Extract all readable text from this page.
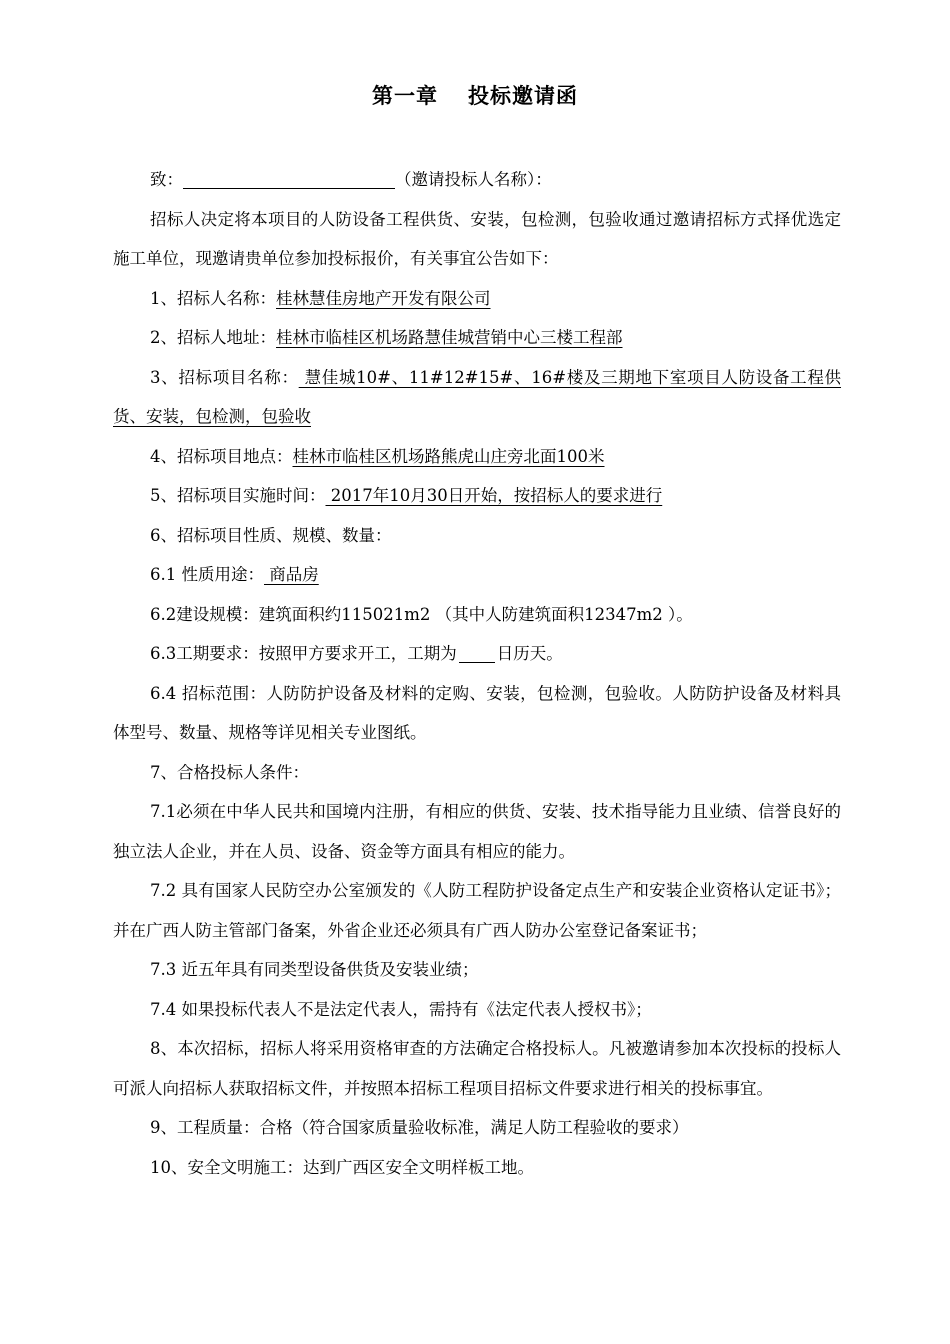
第一章 投标邀请函

致：	（邀请投标人名称）：

招标人决定将本项目的人防设备工程供货、安装，包检测，包验收通过邀请招标方式择优选定施工单位，现邀请贵单位参加投标报价，有关事宜公告如下：

1、招标人名称：桂林慧佳房地产开发有限公司

2、招标人地址：桂林市临桂区机场路慧佳城营销中心三楼工程部

3、招标项目名称： 慧佳城10#、11#12#15#、16#楼及三期地下室项目人防设备工程供货、安装，包检测，包验收

4、招标项目地点：桂林市临桂区机场路熊虎山庄旁北面100米

5、招标项目实施时间： 2017年10月30日开始，按招标人的要求进行

6、招标项目性质、规模、数量：

6.1 性质用途： 商品房

6.2建设规模：建筑面积约115021m2 （其中人防建筑面积12347m2 ）。

6.3工期要求：按照甲方要求开工，工期为 日历天。

6.4 招标范围：人防防护设备及材料的定购、安装，包检测，包验收。人防防护设备及材料具体型号、数量、规格等详见相关专业图纸。

7、合格投标人条件：

7.1必须在中华人民共和国境内注册，有相应的供货、安装、技术指导能力且业绩、信誉良好的独立法人企业，并在人员、设备、资金等方面具有相应的能力。

7.2 具有国家人民防空办公室颁发的《人防工程防护设备定点生产和安装企业资格认定证书》；并在广西人防主管部门备案，外省企业还必须具有广西人防办公室登记备案证书；

7.3 近五年具有同类型设备供货及安装业绩；

7.4 如果投标代表人不是法定代表人，需持有《法定代表人授权书》；

8、本次招标，招标人将采用资格审查的方法确定合格投标人。凡被邀请参加本次投标的投标人可派人向招标人获取招标文件，并按照本招标工程项目招标文件要求进行相关的投标事宜。

9、工程质量：合格（符合国家质量验收标准，满足人防工程验收的要求）

10、安全文明施工：达到广西区安全文明样板工地。
